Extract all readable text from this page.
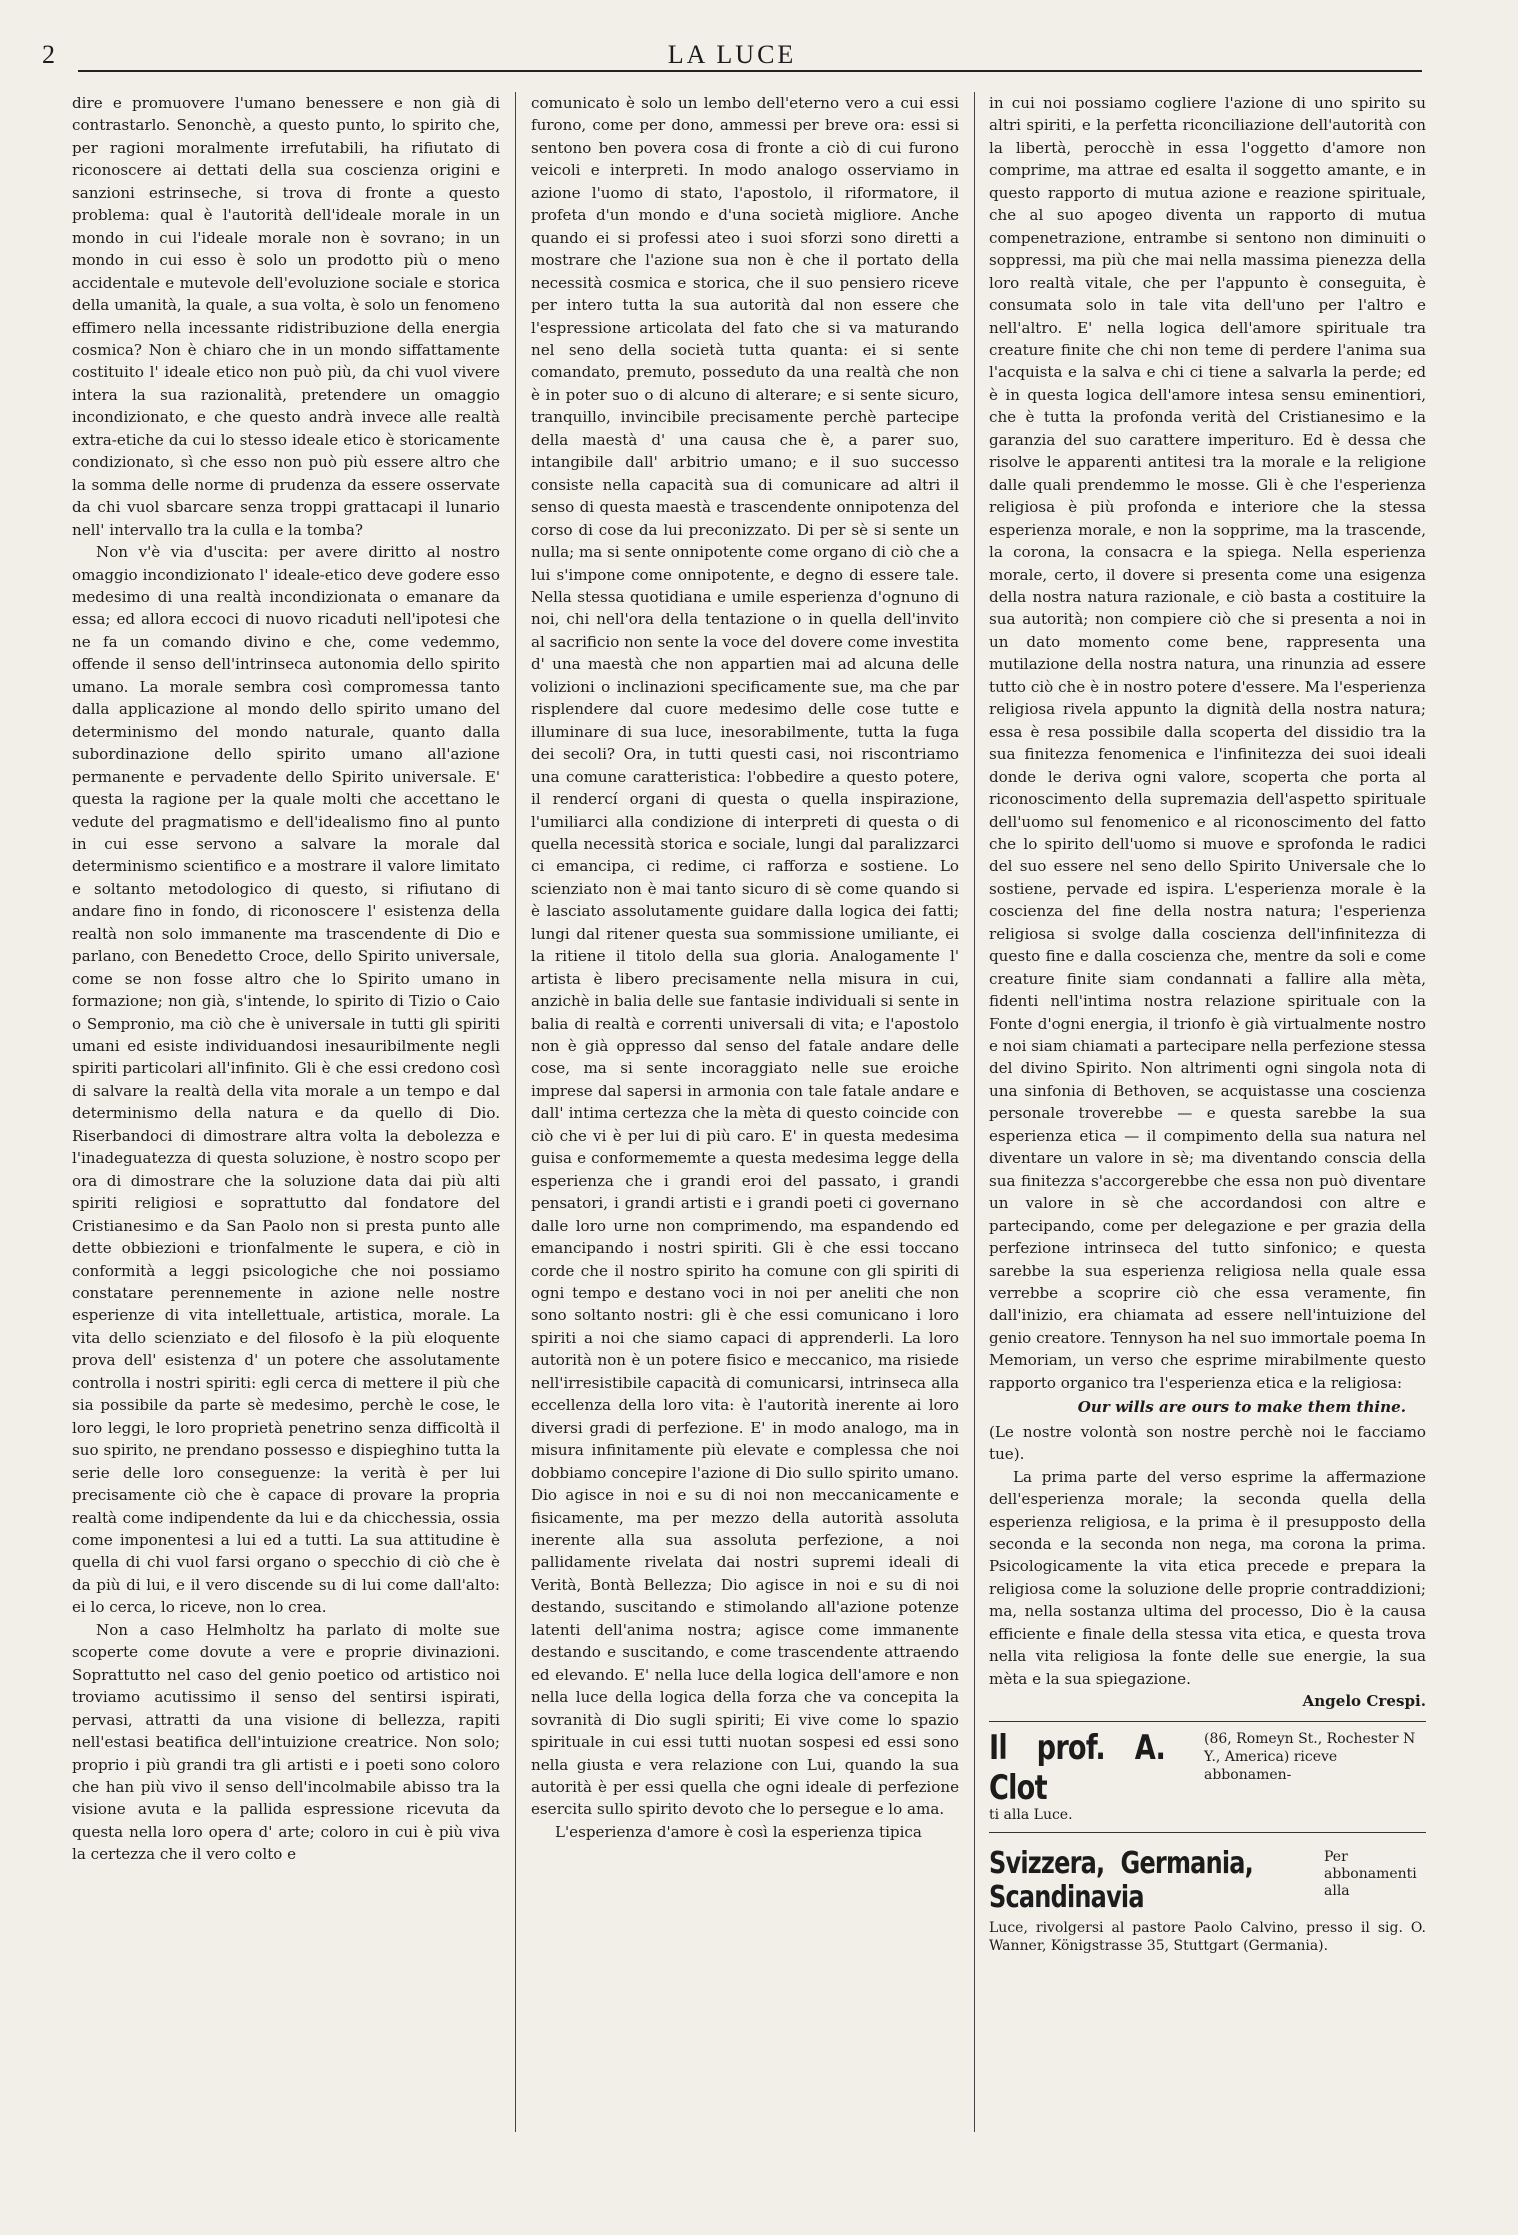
2	LA LUCE

dire e promuovere l'umano benessere e non già di contrastarlo. Senonchè, a questo punto, lo spirito che, per ragioni moralmente irrefutabili, ha rifiutato di riconoscere ai dettati della sua coscienza origini e sanzioni estrinseche, si trova di fronte a questo problema: qual è l'autorità dell'ideale morale in un mondo in cui l'ideale morale non è sovrano; in un mondo in cui esso è solo un prodotto più o meno accidentale e mutevole dell'evoluzione sociale e storica della umanità, la quale, a sua volta, è solo un fenomeno effimero nella incessante ridistribuzione della energia cosmica? Non è chiaro che in un mondo siffattamente costituito l' ideale etico non può più, da chi vuol vivere intera la sua razionalità, pretendere un omaggio incondizionato, e che questo andrà invece alle realtà extra-etiche da cui lo stesso ideale etico è storicamente condizionato, sì che esso non può più essere altro che la somma delle norme di prudenza da essere osservate da chi vuol sbarcare senza troppi grattacapi il lunario nell' intervallo tra la culla e la tomba?

Non v'è via d'uscita: per avere diritto al nostro omaggio incondizionato l' ideale-etico deve godere esso medesimo di una realtà incondizionata o emanare da essa; ed allora eccoci di nuovo ricaduti nell'ipotesi che ne fa un comando divino e che, come vedemmo, offende il senso dell'intrinseca autonomia dello spirito umano. La morale sembra così compromessa tanto dalla applicazione al mondo dello spirito umano del determinismo del mondo naturale, quanto dalla subordinazione dello spirito umano all'azione permanente e pervadente dello Spirito universale. E' questa la ragione per la quale molti che accettano le vedute del pragmatismo e dell'idealismo fino al punto in cui esse servono a salvare la morale dal determinismo scientifico e a mostrare il valore limitato e soltanto metodologico di questo, si rifiutano di andare fino in fondo, di riconoscere l' esistenza della realtà non solo immanente ma trascendente di Dio e parlano, con Benedetto Croce, dello Spirito universale, come se non fosse altro che lo Spirito umano in formazione; non già, s'intende, lo spirito di Tizio o Caio o Sempronio, ma ciò che è universale in tutti gli spiriti umani ed esiste individuandosi inesauribilmente negli spiriti particolari all'infinito. Gli è che essi credono così di salvare la realtà della vita morale a un tempo e dal determinismo della natura e da quello di Dio. Riserbandoci di dimostrare altra volta la debolezza e l'inadeguatezza di questa soluzione, è nostro scopo per ora di dimostrare che la soluzione data dai più alti spiriti religiosi e soprattutto dal fondatore del Cristianesimo e da San Paolo non si presta punto alle dette obbiezioni e trionfalmente le supera, e ciò in conformità a leggi psicologiche che noi possiamo constatare perennemente in azione nelle nostre esperienze di vita intellettuale, artistica, morale. La vita dello scienziato e del filosofo è la più eloquente prova dell' esistenza d' un potere che assolutamente controlla i nostri spiriti: egli cerca di mettere il più che sia possibile da parte sè medesimo, perchè le cose, le loro leggi, le loro proprietà penetrino senza difficoltà il suo spirito, ne prendano possesso e dispieghino tutta la serie delle loro conseguenze: la verità è per lui precisamente ciò che è capace di provare la propria realtà come indipendente da lui e da chicchessia, ossia come imponentesi a lui ed a tutti. La sua attitudine è quella di chi vuol farsi organo o specchio di ciò che è da più di lui, e il vero discende su di lui come dall'alto: ei lo cerca, lo riceve, non lo crea.

Non a caso Helmholtz ha parlato di molte sue scoperte come dovute a vere e proprie divinazioni. Soprattutto nel caso del genio poetico od artistico noi troviamo acutissimo il senso del sentirsi ispirati, pervasi, attratti da una visione di bellezza, rapiti nell'estasi beatifica dell'intuizione creatrice. Non solo; proprio i più grandi tra gli artisti e i poeti sono coloro che han più vivo il senso dell'incolmabile abisso tra la visione avuta e la pallida espressione ricevuta da questa nella loro opera d' arte; coloro in cui è più viva la certezza che il vero colto e

comunicato è solo un lembo dell'eterno vero a cui essi furono, come per dono, ammessi per breve ora: essi si sentono ben povera cosa di fronte a ciò di cui furono veicoli e interpreti. In modo analogo osserviamo in azione l'uomo di stato, l'apostolo, il riformatore, il profeta d'un mondo e d'una società migliore. Anche quando ei si professi ateo i suoi sforzi sono diretti a mostrare che l'azione sua non è che il portato della necessità cosmica e storica, che il suo pensiero riceve per intero tutta la sua autorità dal non essere che l'espressione articolata del fato che si va maturando nel seno della società tutta quanta: ei si sente comandato, premuto, posseduto da una realtà che non è in poter suo o di alcuno di alterare; e si sente sicuro, tranquillo, invincibile precisamente perchè partecipe della maestà d' una causa che è, a parer suo, intangibile dall' arbitrio umano; e il suo successo consiste nella capacità sua di comunicare ad altri il senso di questa maestà e trascendente onnipotenza del corso di cose da lui preconizzato. Di per sè si sente un nulla; ma si sente onnipotente come organo di ciò che a lui s'impone come onnipotente, e degno di essere tale. Nella stessa quotidiana e umile esperienza d'ognuno di noi, chi nell'ora della tentazione o in quella dell'invito al sacrificio non sente la voce del dovere come investita d' una maestà che non appartien mai ad alcuna delle volizioni o inclinazioni specificamente sue, ma che par risplendere dal cuore medesimo delle cose tutte e illuminare di sua luce, inesorabilmente, tutta la fuga dei secoli? Ora, in tutti questi casi, noi riscontriamo una comune caratteristica: l'obbedire a questo potere, il rendercí organi di questa o quella inspirazione, l'umiliarci alla condizione di interpreti di questa o di quella necessità storica e sociale, lungi dal paralizzarci ci emancipa, ci redime, ci rafforza e sostiene. Lo scienziato non è mai tanto sicuro di sè come quando si è lasciato assolutamente guidare dalla logica dei fatti; lungi dal ritener questa sua sommissione umiliante, ei la ritiene il titolo della sua gloria. Analogamente l' artista è libero precisamente nella misura in cui, anzichè in balia delle sue fantasie individuali si sente in balia di realtà e correnti universali di vita; e l'apostolo non è già oppresso dal senso del fatale andare delle cose, ma si sente incoraggiato nelle sue eroiche imprese dal sapersi in armonia con tale fatale andare e dall' intima certezza che la mèta di questo coincide con ciò che vi è per lui di più caro. E' in questa medesima guisa e conformememte a questa medesima legge della esperienza che i grandi eroi del passato, i grandi pensatori, i grandi artisti e i grandi poeti ci governano dalle loro urne non comprimendo, ma espandendo ed emancipando i nostri spiriti. Gli è che essi toccano corde che il nostro spirito ha comune con gli spiriti di ogni tempo e destano voci in noi per aneliti che non sono soltanto nostri: gli è che essi comunicano i loro spiriti a noi che siamo capaci di apprenderli. La loro autorità non è un potere fisico e meccanico, ma risiede nell'irresistibile capacità di comunicarsi, intrinseca alla eccellenza della loro vita: è l'autorità inerente ai loro diversi gradi di perfezione. E' in modo analogo, ma in misura infinitamente più elevate e complessa che noi dobbiamo concepire l'azione di Dio sullo spirito umano. Dio agisce in noi e su di noi non meccanicamente e fisicamente, ma per mezzo della autorità assoluta inerente alla sua assoluta perfezione, a noi pallidamente rivelata dai nostri supremi ideali di Verità, Bontà Bellezza; Dio agisce in noi e su di noi destando, suscitando e stimolando all'azione potenze latenti dell'anima nostra; agisce come immanente destando e suscitando, e come trascendente attraendo ed elevando. E' nella luce della logica dell'amore e non nella luce della logica della forza che va concepita la sovranità di Dio sugli spiriti; Ei vive come lo spazio spirituale in cui essi tutti nuotan sospesi ed essi sono nella giusta e vera relazione con Lui, quando la sua autorità è per essi quella che ogni ideale di perfezione esercita sullo spirito devoto che lo persegue e lo ama.

L'esperienza d'amore è così la esperienza tipica

in cui noi possiamo cogliere l'azione di uno spirito su altri spiriti, e la perfetta riconciliazione dell'autorità con la libertà, perocchè in essa l'oggetto d'amore non comprime, ma attrae ed esalta il soggetto amante, e in questo rapporto di mutua azione e reazione spirituale, che al suo apogeo diventa un rapporto di mutua compenetrazione, entrambe si sentono non diminuiti o soppressi, ma più che mai nella massima pienezza della loro realtà vitale, che per l'appunto è conseguita, è consumata solo in tale vita dell'uno per l'altro e nell'altro. E' nella logica dell'amore spirituale tra creature finite che chi non teme di perdere l'anima sua l'acquista e la salva e chi ci tiene a salvarla la perde; ed è in questa logica dell'amore intesa sensu eminentiori, che è tutta la profonda verità del Cristianesimo e la garanzia del suo carattere imperituro. Ed è dessa che risolve le apparenti antitesi tra la morale e la religione dalle quali prendemmo le mosse. Gli è che l'esperienza religiosa è più profonda e interiore che la stessa esperienza morale, e non la sopprime, ma la trascende, la corona, la consacra e la spiega. Nella esperienza morale, certo, il dovere si presenta come una esigenza della nostra natura razionale, e ciò basta a costituire la sua autorità; non compiere ciò che si presenta a noi in un dato momento come bene, rappresenta una mutilazione della nostra natura, una rinunzia ad essere tutto ciò che è in nostro potere d'essere. Ma l'esperienza religiosa rivela appunto la dignità della nostra natura; essa è resa possibile dalla scoperta del dissidio tra la sua finitezza fenomenica e l'infinitezza dei suoi ideali donde le deriva ogni valore, scoperta che porta al riconoscimento della supremazia dell'aspetto spirituale dell'uomo sul fenomenico e al riconoscimento del fatto che lo spirito dell'uomo si muove e sprofonda le radici del suo essere nel seno dello Spirito Universale che lo sostiene, pervade ed ispira. L'esperienza morale è la coscienza del fine della nostra natura; l'esperienza religiosa si svolge dalla coscienza dell'infinitezza di questo fine e dalla coscienza che, mentre da soli e come creature finite siam condannati a fallire alla mèta, fidenti nell'intima nostra relazione spirituale con la Fonte d'ogni energia, il trionfo è già virtualmente nostro e noi siam chiamati a partecipare nella perfezione stessa del divino Spirito. Non altrimenti ogni singola nota di una sinfonia di Bethoven, se acquistasse una coscienza personale troverebbe — e questa sarebbe la sua esperienza etica — il compimento della sua natura nel diventare un valore in sè; ma diventando conscia della sua finitezza s'accorgerebbe che essa non può diventare un valore in sè che accordandosi con altre e partecipando, come per delegazione e per grazia della perfezione intrinseca del tutto sinfonico; e questa sarebbe la sua esperienza religiosa nella quale essa verrebbe a scoprire ciò che essa veramente, fin dall'inizio, era chiamata ad essere nell'intuizione del genio creatore. Tennyson ha nel suo immortale poema In Memoriam, un verso che esprime mirabilmente questo rapporto organico tra l'esperienza etica e la religiosa:

Our wills are ours to make them thine.

(Le nostre volontà son nostre perchè noi le facciamo tue).

La prima parte del verso esprime la affermazione dell'esperienza morale; la seconda quella della esperienza religiosa, e la prima è il presupposto della seconda e la seconda non nega, ma corona la prima. Psicologicamente la vita etica precede e prepara la religiosa come la soluzione delle proprie contraddizioni; ma, nella sostanza ultima del processo, Dio è la causa efficiente e finale della stessa vita etica, e questa trova nella vita religiosa la fonte delle sue energie, la sua mèta e la sua spiegazione.

Angelo Crespi.

Il prof. A. Clot
(86, Romeyn St., Rochester N Y., America) riceve abbonamen-
ti alla Luce.
Svizzera, Germania, Scandinavia
Per abbonamenti alla
Luce, rivolgersi al pastore Paolo Calvino, presso il sig. O. Wanner, Königstrasse 35, Stuttgart (Germania).
